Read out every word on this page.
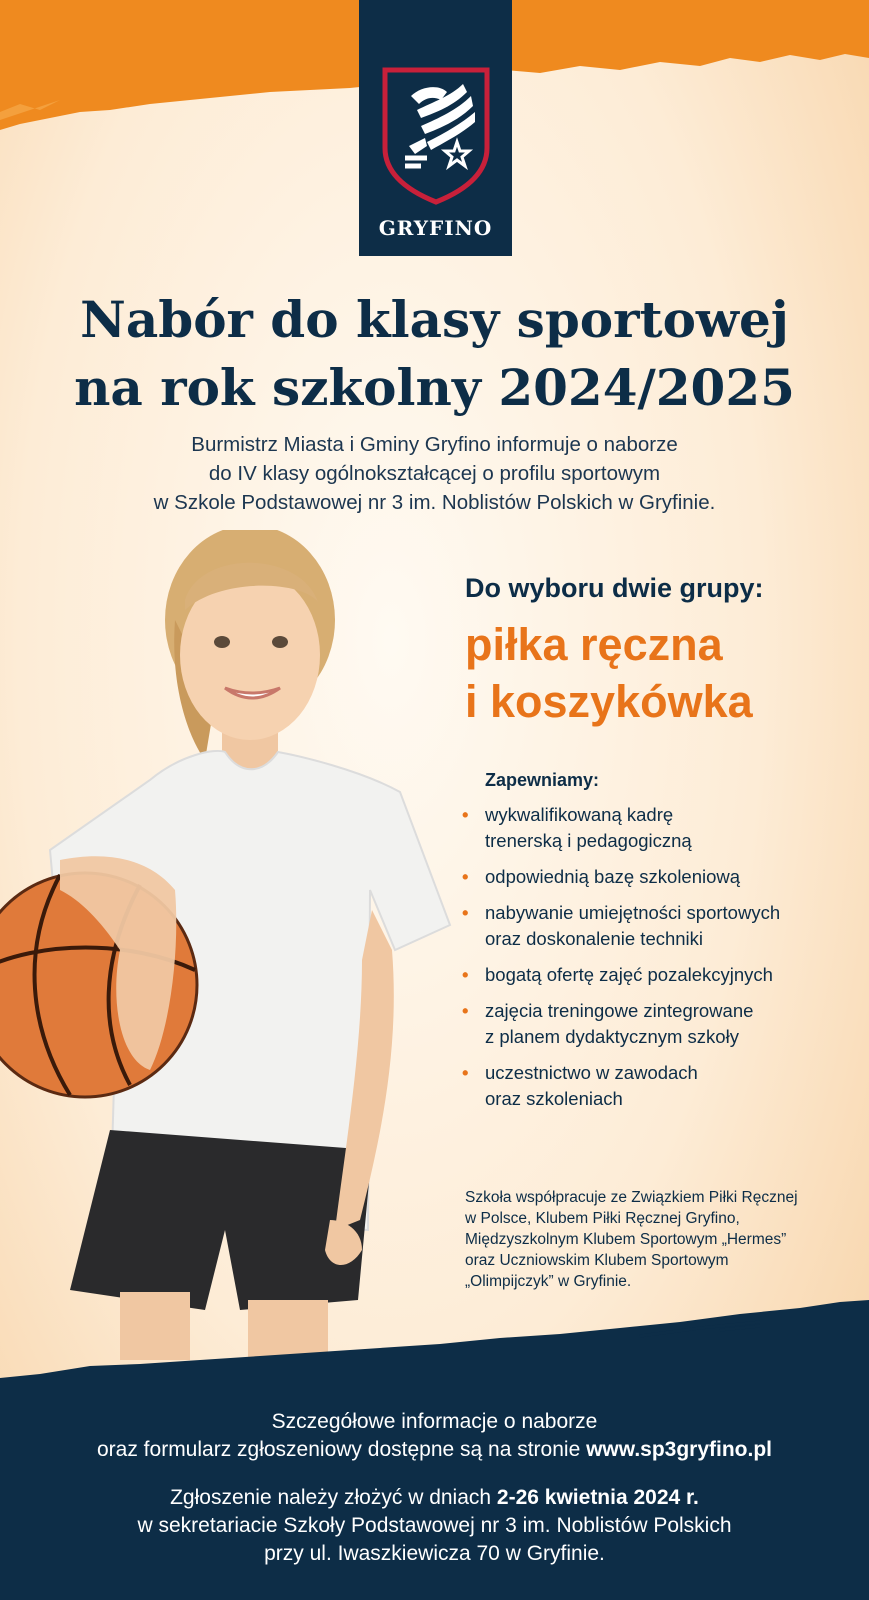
GRYFINO
Nabór do klasy sportowej
na rok szkolny 2024/2025
Burmistrz Miasta i Gminy Gryfino informuje o naborze
do IV klasy ogólnokształcącej o profilu sportowym
w Szkole Podstawowej nr 3 im. Noblistów Polskich w Gryfinie.
Do wyboru dwie grupy:
piłka ręczna
i koszykówka
Zapewniamy:
• wykwalifikowaną kadrę
trenerską i pedagogiczną
• odpowiednią bazę szkoleniową
• nabywanie umiejętności sportowych
oraz doskonalenie techniki
• bogatą ofertę zajęć pozalekcyjnych
• zajęcia treningowe zintegrowane
z planem dydaktycznym szkoły
• uczestnictwo w zawodach
oraz szkoleniach
Szkoła współpracuje ze Związkiem Piłki Ręcznej
w Polsce, Klubem Piłki Ręcznej Gryfino,
Międzyszkolnym Klubem Sportowym „Hermes”
oraz Uczniowskim Klubem Sportowym
„Olimpijczyk” w Gryfinie.
Szczegółowe informacje o naborze
oraz formularz zgłoszeniowy dostępne są na stronie www.sp3gryfino.pl
Zgłoszenie należy złożyć w dniach 2-26 kwietnia 2024 r.
w sekretariacie Szkoły Podstawowej nr 3 im. Noblistów Polskich
przy ul. Iwaszkiewicza 70 w Gryfinie.
